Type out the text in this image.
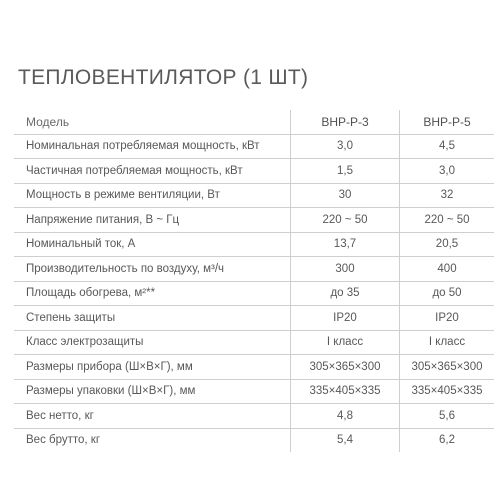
ТЕПЛОВЕНТИЛЯТОР (1 ШТ)
Модель	ВНР-Р-3	ВНР-Р-5
Номинальная потребляемая мощность, кВт	3,0	4,5
Частичная потребляемая мощность, кВт	1,5	3,0
Мощность в режиме вентиляции, Вт	30	32
Напряжение питания, В ~ Гц	220 ~ 50	220 ~ 50
Номинальный ток, А	13,7	20,5
Производительность по воздуху, м³/ч	300	400
Площадь обогрева, м²**	до 35	до 50
Степень защиты	IP20	IP20
Класс электрозащиты	I класс	I класс
Размеры прибора (Ш×В×Г), мм	305×365×300	305×365×300
Размеры упаковки (Ш×В×Г), мм	335×405×335	335×405×335
Вес нетто, кг	4,8	5,6
Вес брутто, кг	5,4	6,2
